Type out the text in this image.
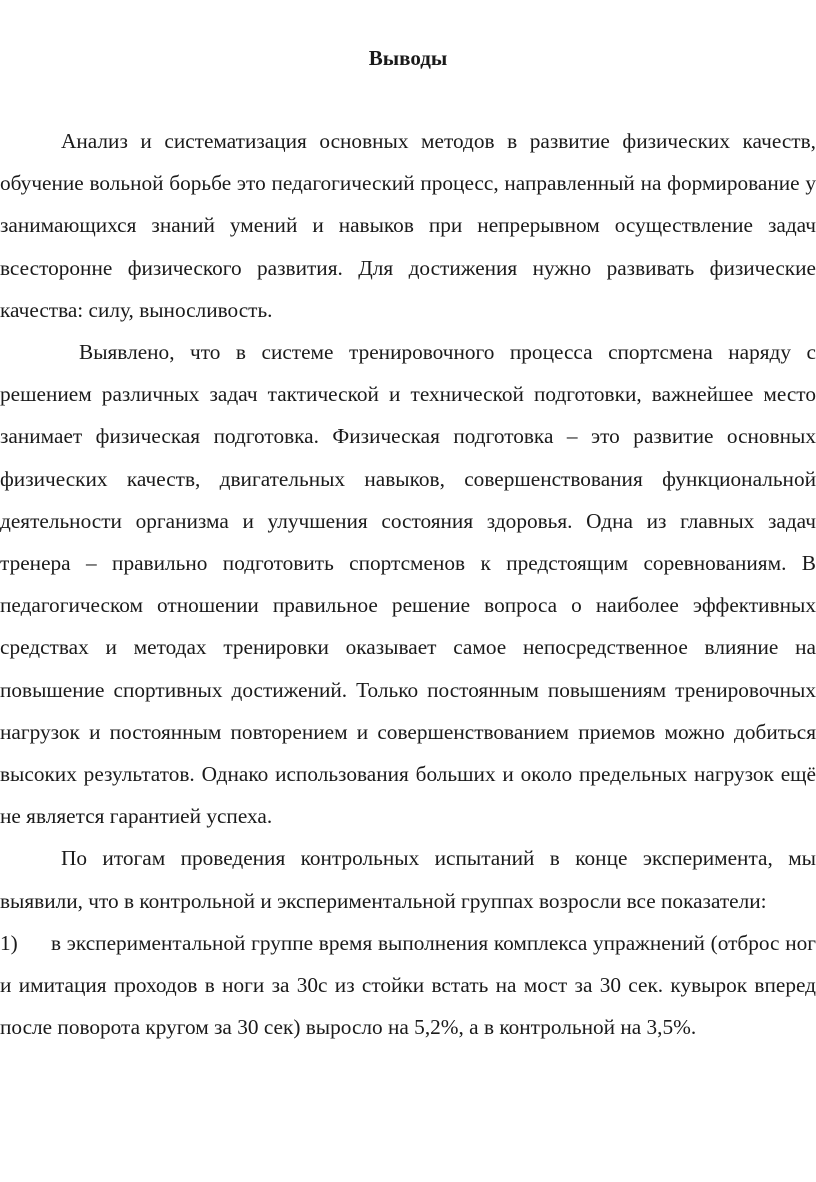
Выводы

Анализ и систематизация основных методов в развитие физических качеств, обучение вольной борьбе это педагогический процесс, направленный на формирование у занимающихся знаний умений и навыков при непрерывном осуществление задач всесторонне физического развития. Для достижения нужно развивать физические качества: силу, выносливость.

Выявлено, что в системе тренировочного процесса спортсмена наряду с решением различных задач тактической и технической подготовки, важнейшее место занимает физическая подготовка. Физическая подготовка – это развитие основных физических качеств, двигательных навыков, совершенствования функциональной деятельности организма и улучшения состояния здоровья. Одна из главных задач тренера – правильно подготовить спортсменов к предстоящим соревнованиям. В педагогическом отношении правильное решение вопроса о наиболее эффективных средствах и методах тренировки оказывает самое непосредственное влияние на повышение спортивных достижений. Только постоянным повышениям тренировочных нагрузок и постоянным повторением и совершенствованием приемов можно добиться высоких результатов. Однако использования больших и около предельных нагрузок ещё не является гарантией успеха.

По итогам проведения контрольных испытаний в конце эксперимента, мы выявили, что в контрольной и экспериментальной группах возросли все показатели:

1) в экспериментальной группе время выполнения комплекса упражнений (отброс ног и имитация проходов в ноги за 30с из стойки встать на мост за 30 сек. кувырок вперед после поворота кругом за 30 сек) выросло на 5,2%, а в контрольной на 3,5%.
